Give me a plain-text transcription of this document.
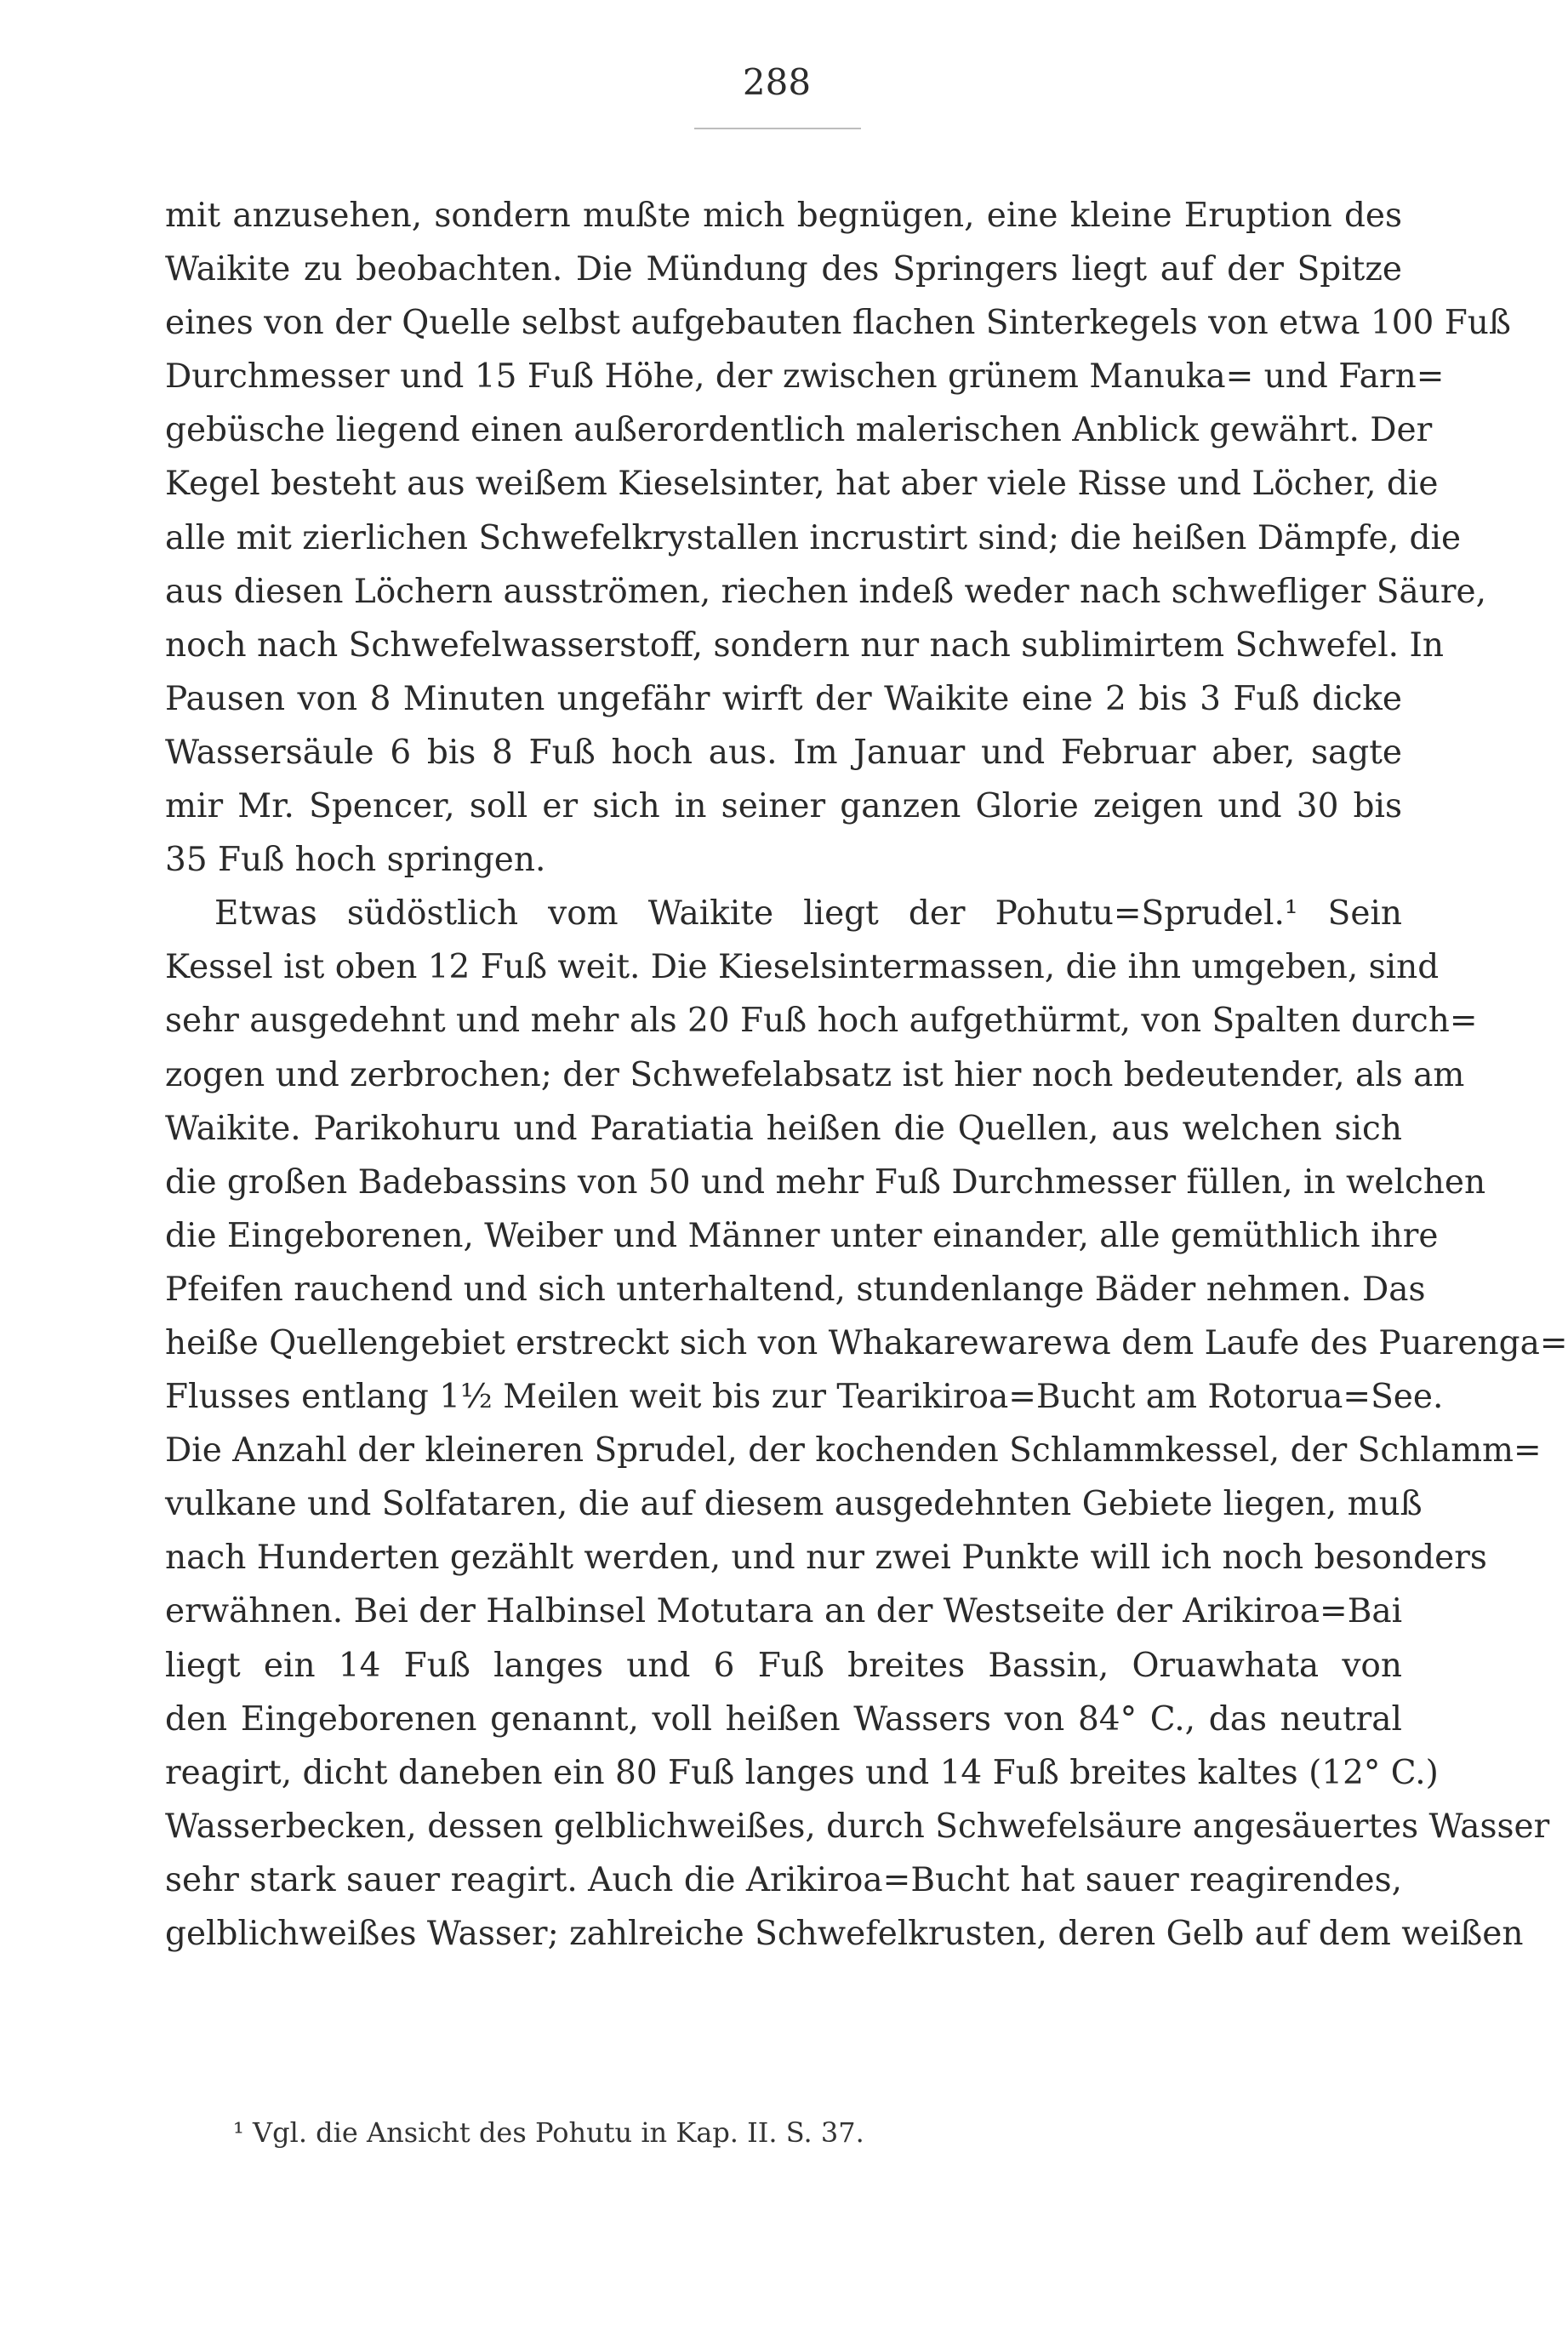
288
mit anzusehen, sondern mußte mich begnügen, eine kleine Eruption des
Waikite zu beobachten. Die Mündung des Springers liegt auf der Spitze
eines von der Quelle selbst aufgebauten flachen Sinterkegels von etwa 100 Fuß
Durchmesser und 15 Fuß Höhe, der zwischen grünem Manuka= und Farn=
gebüsche liegend einen außerordentlich malerischen Anblick gewährt. Der
Kegel besteht aus weißem Kieselsinter, hat aber viele Risse und Löcher, die
alle mit zierlichen Schwefelkrystallen incrustirt sind; die heißen Dämpfe, die
aus diesen Löchern ausströmen, riechen indeß weder nach schwefliger Säure,
noch nach Schwefelwasserstoff, sondern nur nach sublimirtem Schwefel. In
Pausen von 8 Minuten ungefähr wirft der Waikite eine 2 bis 3 Fuß dicke
Wassersäule 6 bis 8 Fuß hoch aus. Im Januar und Februar aber, sagte
mir Mr. Spencer, soll er sich in seiner ganzen Glorie zeigen und 30 bis
35 Fuß hoch springen.
Etwas südöstlich vom Waikite liegt der Pohutu=Sprudel.¹ Sein
Kessel ist oben 12 Fuß weit. Die Kieselsintermassen, die ihn umgeben, sind
sehr ausgedehnt und mehr als 20 Fuß hoch aufgethürmt, von Spalten durch=
zogen und zerbrochen; der Schwefelabsatz ist hier noch bedeutender, als am
Waikite. Parikohuru und Paratiatia heißen die Quellen, aus welchen sich
die großen Badebassins von 50 und mehr Fuß Durchmesser füllen, in welchen
die Eingeborenen, Weiber und Männer unter einander, alle gemüthlich ihre
Pfeifen rauchend und sich unterhaltend, stundenlange Bäder nehmen. Das
heiße Quellengebiet erstreckt sich von Whakarewarewa dem Laufe des Puarenga=
Flusses entlang 1½ Meilen weit bis zur Tearikiroa=Bucht am Rotorua=See.
Die Anzahl der kleineren Sprudel, der kochenden Schlammkessel, der Schlamm=
vulkane und Solfataren, die auf diesem ausgedehnten Gebiete liegen, muß
nach Hunderten gezählt werden, und nur zwei Punkte will ich noch besonders
erwähnen. Bei der Halbinsel Motutara an der Westseite der Arikiroa=Bai
liegt ein 14 Fuß langes und 6 Fuß breites Bassin, Oruawhata von
den Eingeborenen genannt, voll heißen Wassers von 84° C., das neutral
reagirt, dicht daneben ein 80 Fuß langes und 14 Fuß breites kaltes (12° C.)
Wasserbecken, dessen gelblichweißes, durch Schwefelsäure angesäuertes Wasser
sehr stark sauer reagirt. Auch die Arikiroa=Bucht hat sauer reagirendes,
gelblichweißes Wasser; zahlreiche Schwefelkrusten, deren Gelb auf dem weißen
¹ Vgl. die Ansicht des Pohutu in Kap. II. S. 37.
